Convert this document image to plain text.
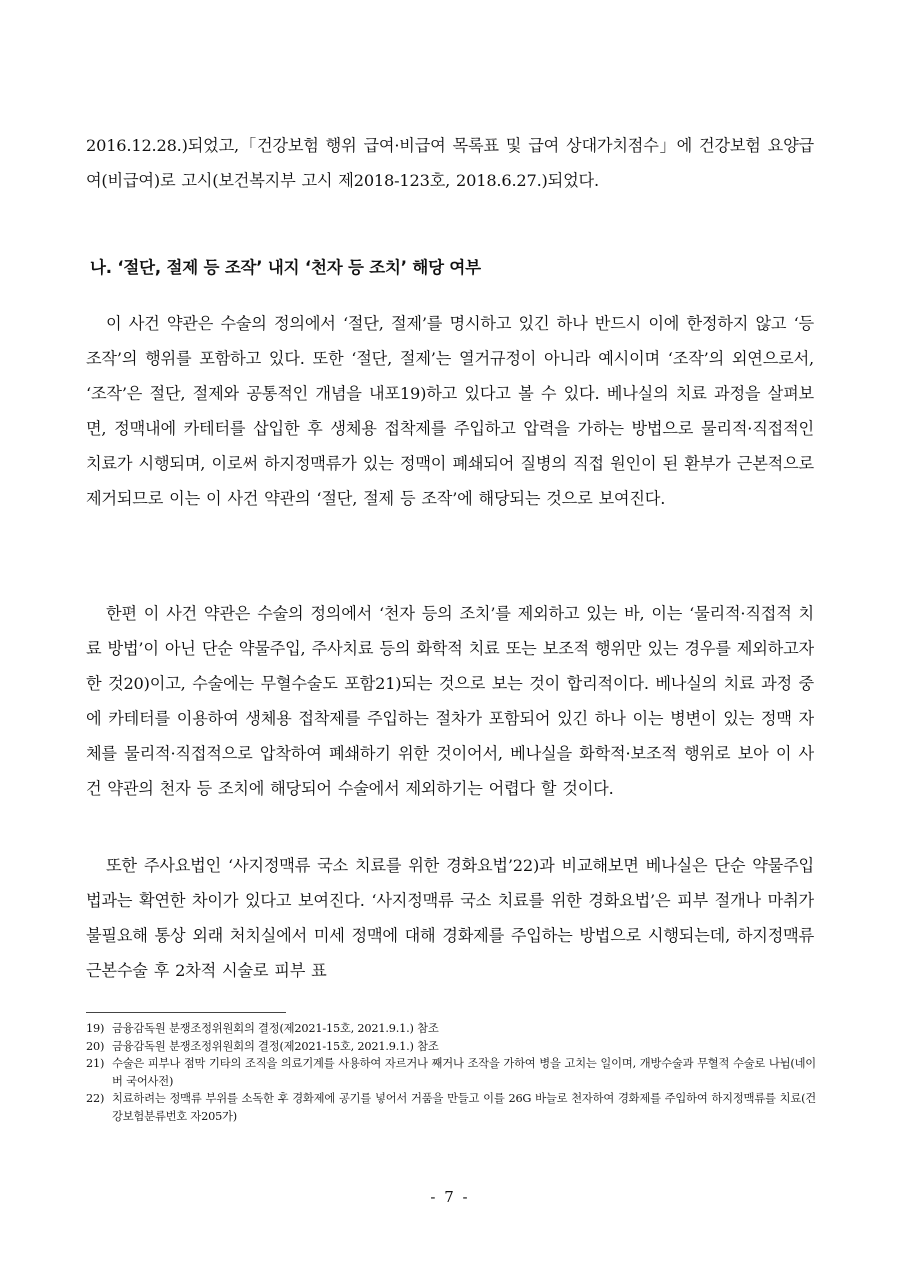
2016.12.28.)되었고,「건강보험 행위 급여·비급여 목록표 및 급여 상대가치점수」에 건강보험 요양급여(비급여)로 고시(보건복지부 고시 제2018-123호, 2018.6.27.)되었다.

나. ‘절단, 절제 등 조작’ 내지 ‘천자 등 조치’ 해당 여부

이 사건 약관은 수술의 정의에서 ‘절단, 절제’를 명시하고 있긴 하나 반드시 이에 한정하지 않고 ‘등 조작’의 행위를 포함하고 있다. 또한 ‘절단, 절제’는 열거규정이 아니라 예시이며 ‘조작’의 외연으로서, ‘조작’은 절단, 절제와 공통적인 개념을 내포19)하고 있다고 볼 수 있다. 베나실의 치료 과정을 살펴보면, 정맥내에 카테터를 삽입한 후 생체용 접착제를 주입하고 압력을 가하는 방법으로 물리적·직접적인 치료가 시행되며, 이로써 하지정맥류가 있는 정맥이 폐쇄되어 질병의 직접 원인이 된 환부가 근본적으로 제거되므로 이는 이 사건 약관의 ‘절단, 절제 등 조작’에 해당되는 것으로 보여진다.

한편 이 사건 약관은 수술의 정의에서 ‘천자 등의 조치’를 제외하고 있는 바, 이는 ‘물리적·직접적 치료 방법’이 아닌 단순 약물주입, 주사치료 등의 화학적 치료 또는 보조적 행위만 있는 경우를 제외하고자 한 것20)이고, 수술에는 무혈수술도 포함21)되는 것으로 보는 것이 합리적이다. 베나실의 치료 과정 중에 카테터를 이용하여 생체용 접착제를 주입하는 절차가 포함되어 있긴 하나 이는 병변이 있는 정맥 자체를 물리적·직접적으로 압착하여 폐쇄하기 위한 것이어서, 베나실을 화학적·보조적 행위로 보아 이 사건 약관의 천자 등 조치에 해당되어 수술에서 제외하기는 어렵다 할 것이다.

또한 주사요법인 ‘사지정맥류 국소 치료를 위한 경화요법’22)과 비교해보면 베나실은 단순 약물주입법과는 확연한 차이가 있다고 보여진다. ‘사지정맥류 국소 치료를 위한 경화요법’은 피부 절개나 마취가 불필요해 통상 외래 처치실에서 미세 정맥에 대해 경화제를 주입하는 방법으로 시행되는데, 하지정맥류 근본수술 후 2차적 시술로 피부 표

19) 금융감독원 분쟁조정위원회의 결정(제2021-15호, 2021.9.1.) 참조
20) 금융감독원 분쟁조정위원회의 결정(제2021-15호, 2021.9.1.) 참조
21) 수술은 피부나 점막 기타의 조직을 의료기계를 사용하여 자르거나 째거나 조작을 가하여 병을 고치는 일이며, 개방수술과 무혈적 수술로 나뉨(네이버 국어사전)
22) 치료하려는 정맥류 부위를 소독한 후 경화제에 공기를 넣어서 거품을 만들고 이를 26G 바늘로 천자하여 경화제를 주입하여 하지정맥류를 치료(건강보험분류번호 자205가)
- 7 -
